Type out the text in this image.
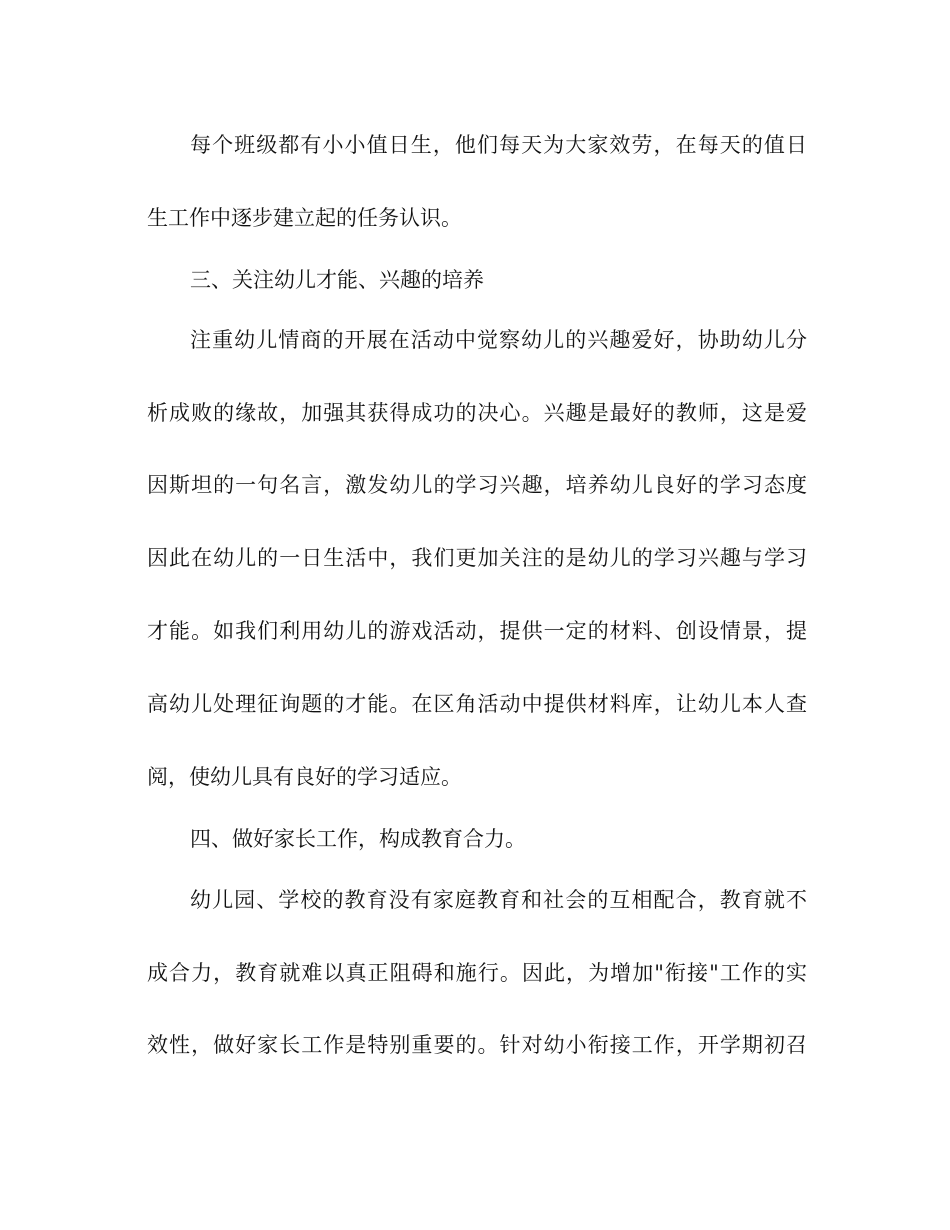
每个班级都有小小值日生，他们每天为大家效劳，在每天的值日
生工作中逐步建立起的任务认识。
三、关注幼儿才能、兴趣的培养
注重幼儿情商的开展在活动中觉察幼儿的兴趣爱好，协助幼儿分
析成败的缘故，加强其获得成功的决心。兴趣是最好的教师，这是爱
因斯坦的一句名言，激发幼儿的学习兴趣，培养幼儿良好的学习态度
因此在幼儿的一日生活中，我们更加关注的是幼儿的学习兴趣与学习
才能。如我们利用幼儿的游戏活动，提供一定的材料、创设情景，提
高幼儿处理征询题的才能。在区角活动中提供材料库，让幼儿本人查
阅，使幼儿具有良好的学习适应。
四、做好家长工作，构成教育合力。
幼儿园、学校的教育没有家庭教育和社会的互相配合，教育就不
成合力，教育就难以真正阻碍和施行。因此，为增加"衔接"工作的实
效性，做好家长工作是特别重要的。针对幼小衔接工作，开学期初召
